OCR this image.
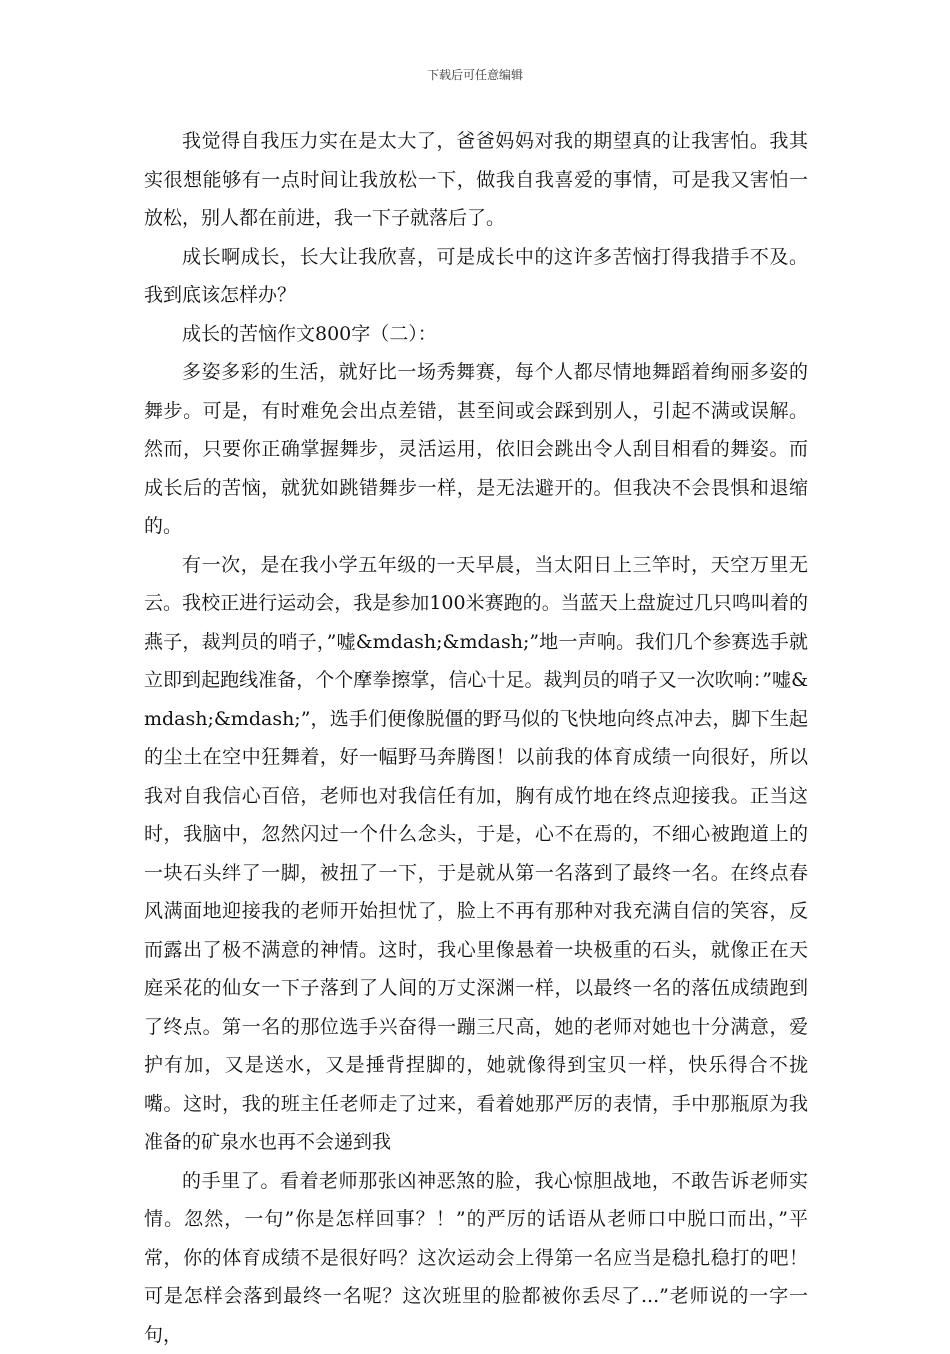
下载后可任意编辑

我觉得自我压力实在是太大了，爸爸妈妈对我的期望真的让我害怕。我其实很想能够有一点时间让我放松一下，做我自我喜爱的事情，可是我又害怕一放松，别人都在前进，我一下子就落后了。

成长啊成长，长大让我欣喜，可是成长中的这许多苦恼打得我措手不及。我到底该怎样办？

成长的苦恼作文800字（二）：

多姿多彩的生活，就好比一场秀舞赛，每个人都尽情地舞蹈着绚丽多姿的舞步。可是，有时难免会出点差错，甚至间或会踩到别人，引起不满或误解。然而，只要你正确掌握舞步，灵活运用，依旧会跳出令人刮目相看的舞姿。而成长后的苦恼，就犹如跳错舞步一样，是无法避开的。但我决不会畏惧和退缩的。

有一次，是在我小学五年级的一天早晨，当太阳日上三竿时，天空万里无云。我校正进行运动会，我是参加100米赛跑的。当蓝天上盘旋过几只鸣叫着的燕子，裁判员的哨子，”嘘&mdash;&mdash;”地一声响。我们几个参赛选手就立即到起跑线准备，个个摩拳擦掌，信心十足。裁判员的哨子又一次吹响：”嘘&mdash;&mdash;”，选手们便像脱僵的野马似的飞快地向终点冲去，脚下生起的尘土在空中狂舞着，好一幅野马奔腾图！以前我的体育成绩一向很好，所以我对自我信心百倍，老师也对我信任有加，胸有成竹地在终点迎接我。正当这时，我脑中，忽然闪过一个什么念头，于是，心不在焉的，不细心被跑道上的一块石头绊了一脚，被扭了一下，于是就从第一名落到了最终一名。在终点春风满面地迎接我的老师开始担忧了，脸上不再有那种对我充满自信的笑容，反而露出了极不满意的神情。这时，我心里像悬着一块极重的石头，就像正在天庭采花的仙女一下子落到了人间的万丈深渊一样，以最终一名的落伍成绩跑到了终点。第一名的那位选手兴奋得一蹦三尺高，她的老师对她也十分满意，爱护有加，又是送水，又是捶背捏脚的，她就像得到宝贝一样，快乐得合不拢嘴。这时，我的班主任老师走了过来，看着她那严厉的表情，手中那瓶原为我准备的矿泉水也再不会递到我

的手里了。看着老师那张凶神恶煞的脸，我心惊胆战地，不敢告诉老师实情。忽然，一句”你是怎样回事？！”的严厉的话语从老师口中脱口而出，”平常，你的体育成绩不是很好吗？这次运动会上得第一名应当是稳扎稳打的吧！可是怎样会落到最终一名呢？这次班里的脸都被你丢尽了...”老师说的一字一句，
